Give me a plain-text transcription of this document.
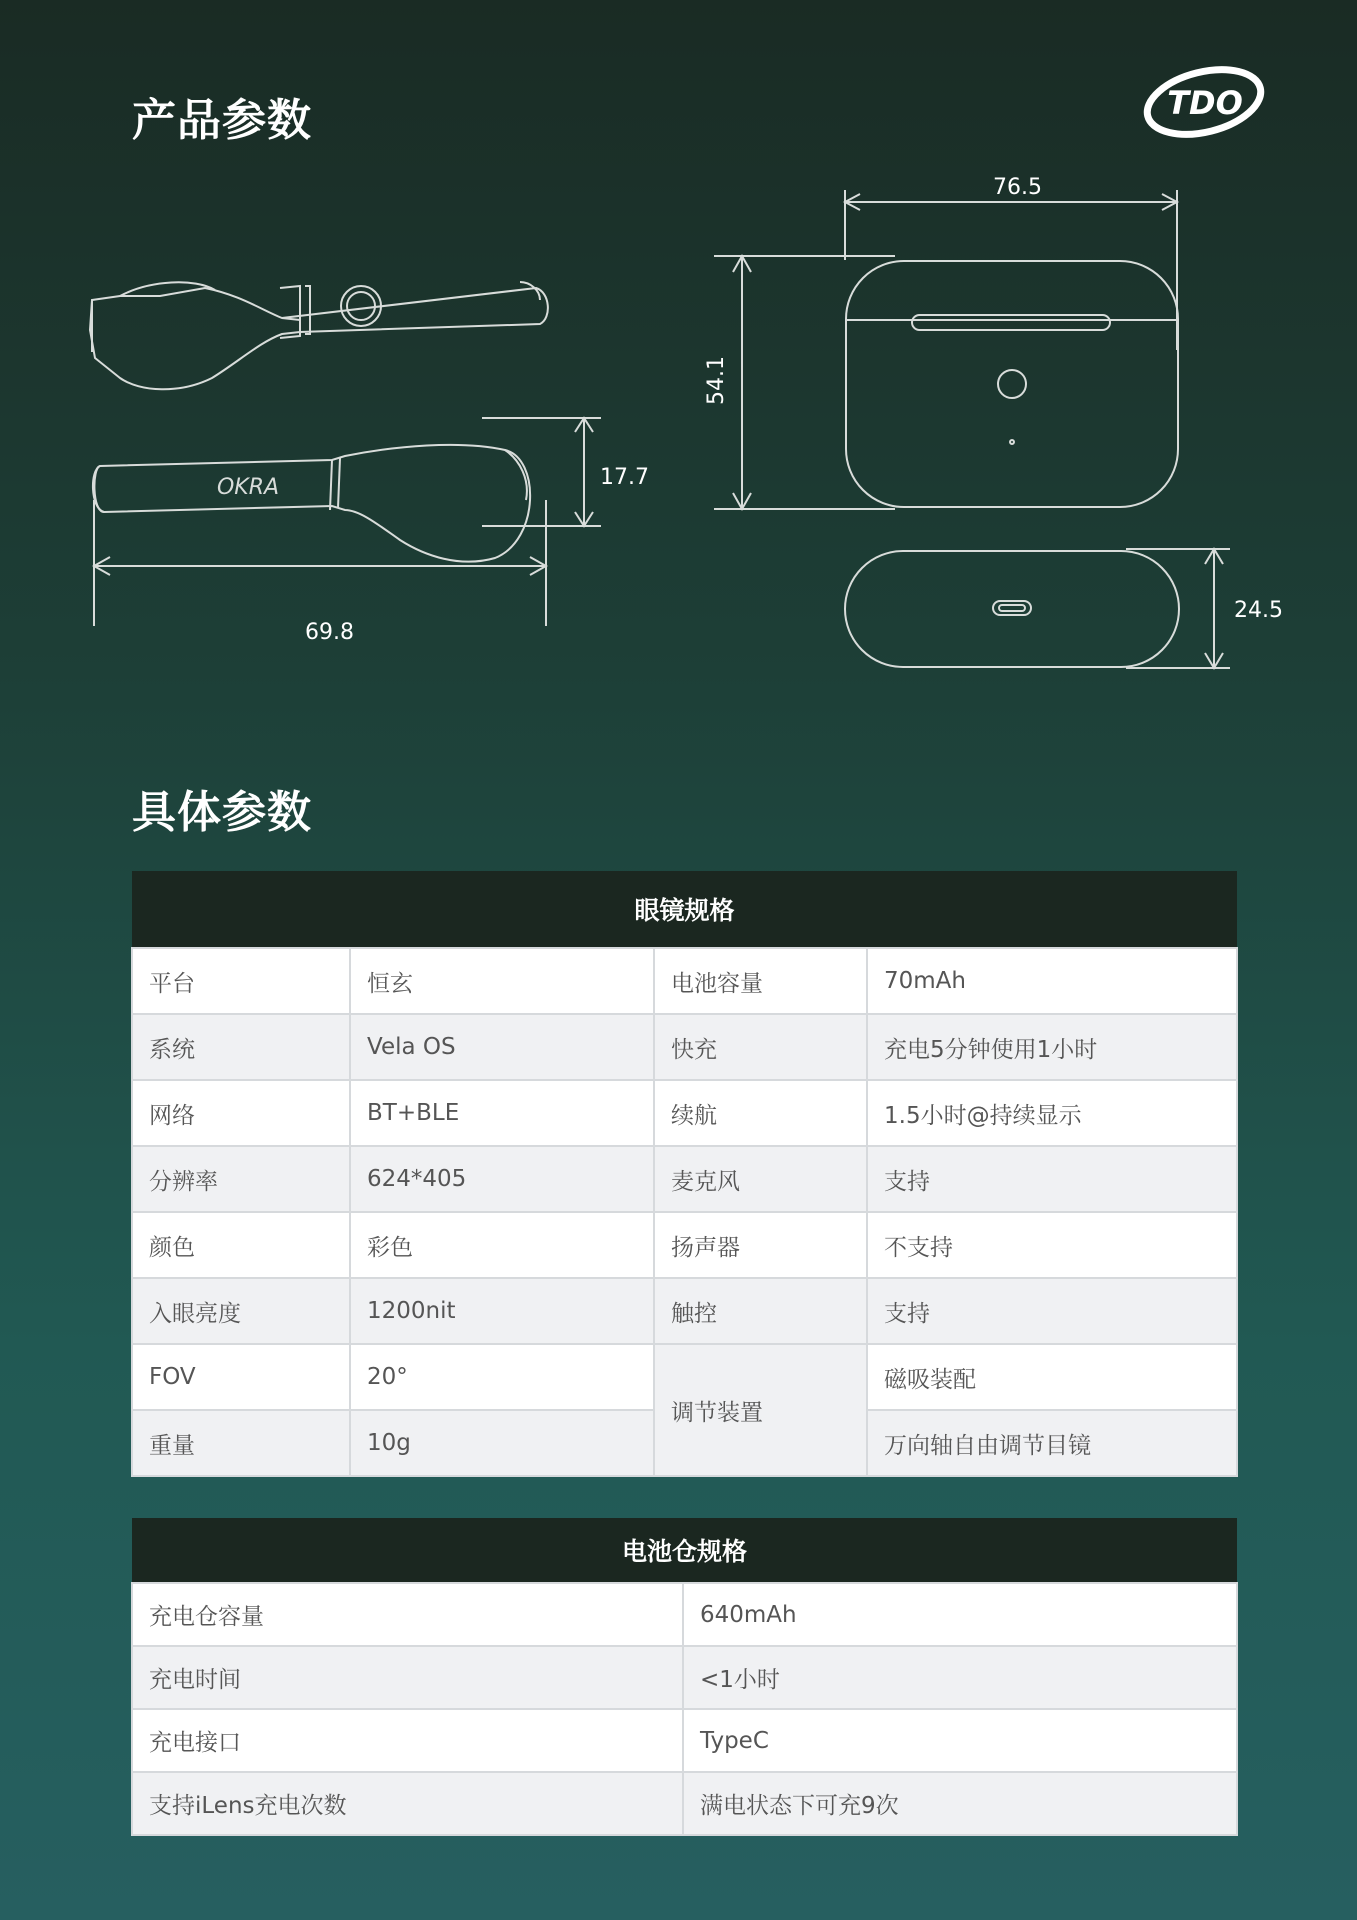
产品参数	TDO
OKRA
69.8
17.7
76.5
54.1
24.5
具体参数
眼镜规格			
平台	恒玄	电池容量	70mAh
系统	Vela OS	快充	充电5分钟使用1小时
网络	BT+BLE	续航	1.5小时@持续显示
分辨率	624*405	麦克风	支持
颜色	彩色	扬声器	不支持
入眼亮度	1200nit	触控	支持
FOV	20°	调节装置	磁吸装配
重量	10g		万向轴自由调节目镜
电池仓规格	
充电仓容量	640mAh
充电时间	<1小时
充电接口	TypeC
支持iLens充电次数	满电状态下可充9次
